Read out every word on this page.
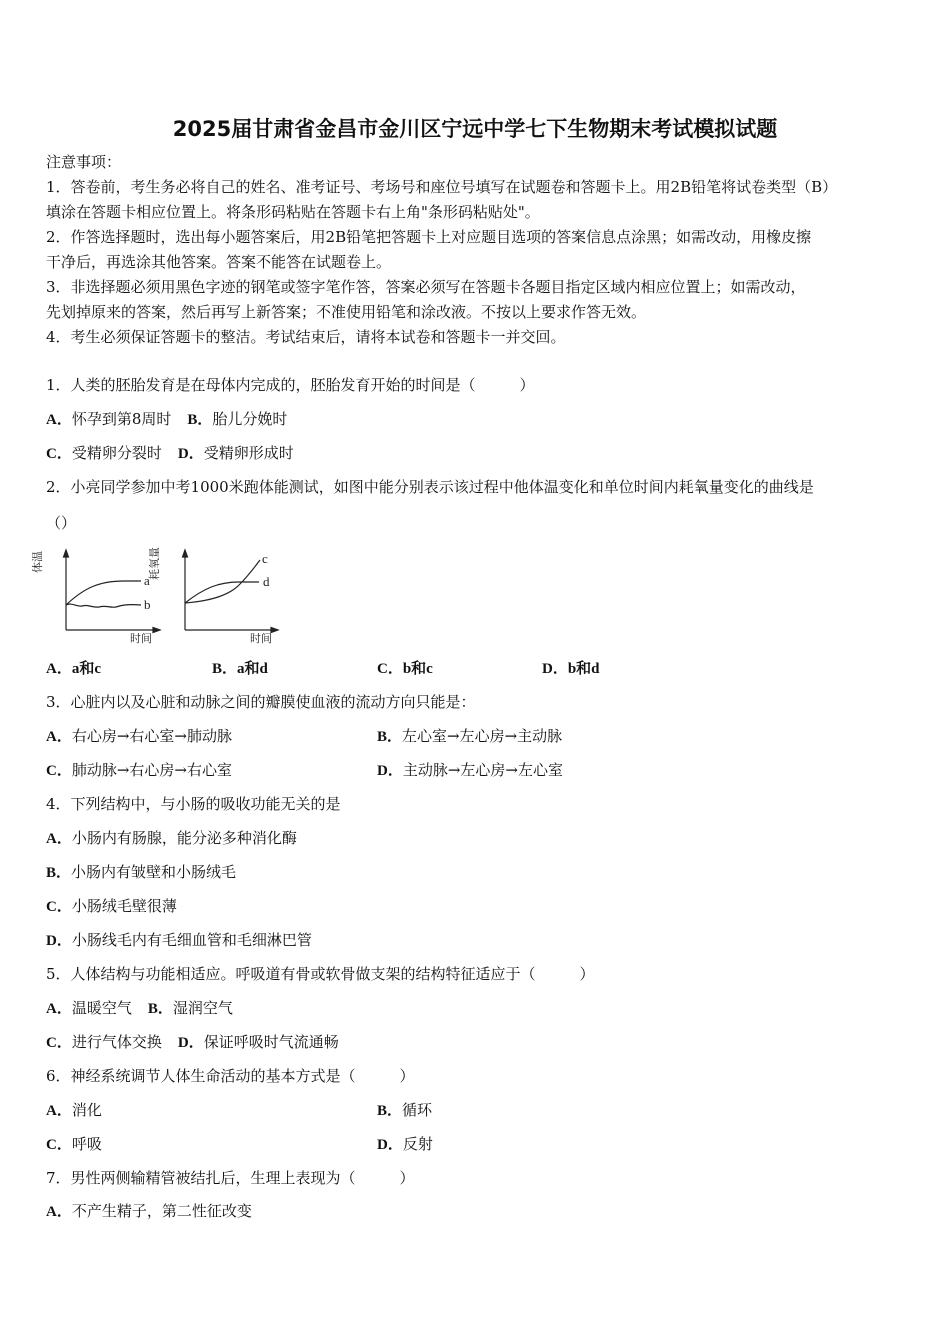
2025届甘肃省金昌市金川区宁远中学七下生物期末考试模拟试题
注意事项：
1．答卷前，考生务必将自己的姓名、准考证号、考场号和座位号填写在试题卷和答题卡上。用2B铅笔将试卷类型（B）
填涂在答题卡相应位置上。将条形码粘贴在答题卡右上角"条形码粘贴处"。
2．作答选择题时，选出每小题答案后，用2B铅笔把答题卡上对应题目选项的答案信息点涂黑；如需改动，用橡皮擦
干净后，再选涂其他答案。答案不能答在试题卷上。
3．非选择题必须用黑色字迹的钢笔或签字笔作答，答案必须写在答题卡各题目指定区域内相应位置上；如需改动，
先划掉原来的答案，然后再写上新答案；不准使用铅笔和涂改液。不按以上要求作答无效。
4．考生必须保证答题卡的整洁。考试结束后，请将本试卷和答题卡一并交回。
1．人类的胚胎发育是在母体内完成的，胚胎发育开始的时间是（	）
A．怀孕到第8周时 B．胎儿分娩时
C．受精卵分裂时 D．受精卵形成时
2．小亮同学参加中考1000米跑体能测试，如图中能分别表示该过程中他体温变化和单位时间内耗氧量变化的曲线是
（）
a
b
体温
时间
c
d
耗氧量
时间
A．a和c	B．a和d	C．b和c	D．b和d
3．心脏内以及心脏和动脉之间的瓣膜使血液的流动方向只能是：
A．右心房→右心室→肺动脉	B．左心室→左心房→主动脉
C．肺动脉→右心房→右心室	D．主动脉→左心房→左心室
4．下列结构中，与小肠的吸收功能无关的是
A．小肠内有肠腺，能分泌多种消化酶
B．小肠内有皱壁和小肠绒毛
C．小肠绒毛壁很薄
D．小肠线毛内有毛细血管和毛细淋巴管
5．人体结构与功能相适应。呼吸道有骨或软骨做支架的结构特征适应于（	）
A．温暖空气 B．湿润空气
C．进行气体交换 D．保证呼吸时气流通畅
6．神经系统调节人体生命活动的基本方式是（	）
A．消化	B．循环
C．呼吸	D．反射
7．男性两侧输精管被结扎后，生理上表现为（	）
A．不产生精子，第二性征改变
